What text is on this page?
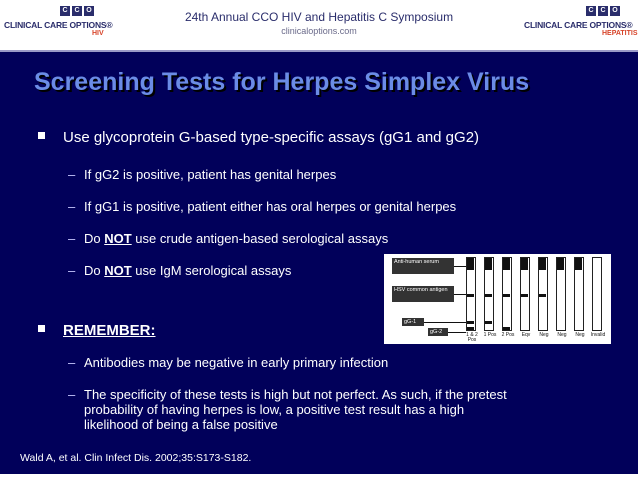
C C O
CLINICAL CARE OPTIONS®
HIV
24th Annual CCO HIV and Hepatitis C Symposium
clinicaloptions.com
C C O
CLINICAL CARE OPTIONS®
HEPATITIS
Screening Tests for Herpes Simplex Virus
Use glycoprotein G-based type-specific assays (gG1 and gG2)
– If gG2 is positive, patient has genital herpes
– If gG1 is positive, patient either has oral herpes or genital herpes
– Do NOT use crude antigen-based serological assays
– Do NOT use IgM serological assays
REMEMBER:
– Antibodies may be negative in early primary infection
– The specificity of these tests is high but not perfect. As such, if the pretest
probability of having herpes is low, a positive test result has a high
likelihood of being a false positive
Anti-human serum
HSV common antigen
gG-1
gG-2	1 & 2 Pos
1 Pos	2 Pos	Eqv	Neg	Neg	Neg	Invalid
Wald A, et al. Clin Infect Dis. 2002;35:S173-S182.
